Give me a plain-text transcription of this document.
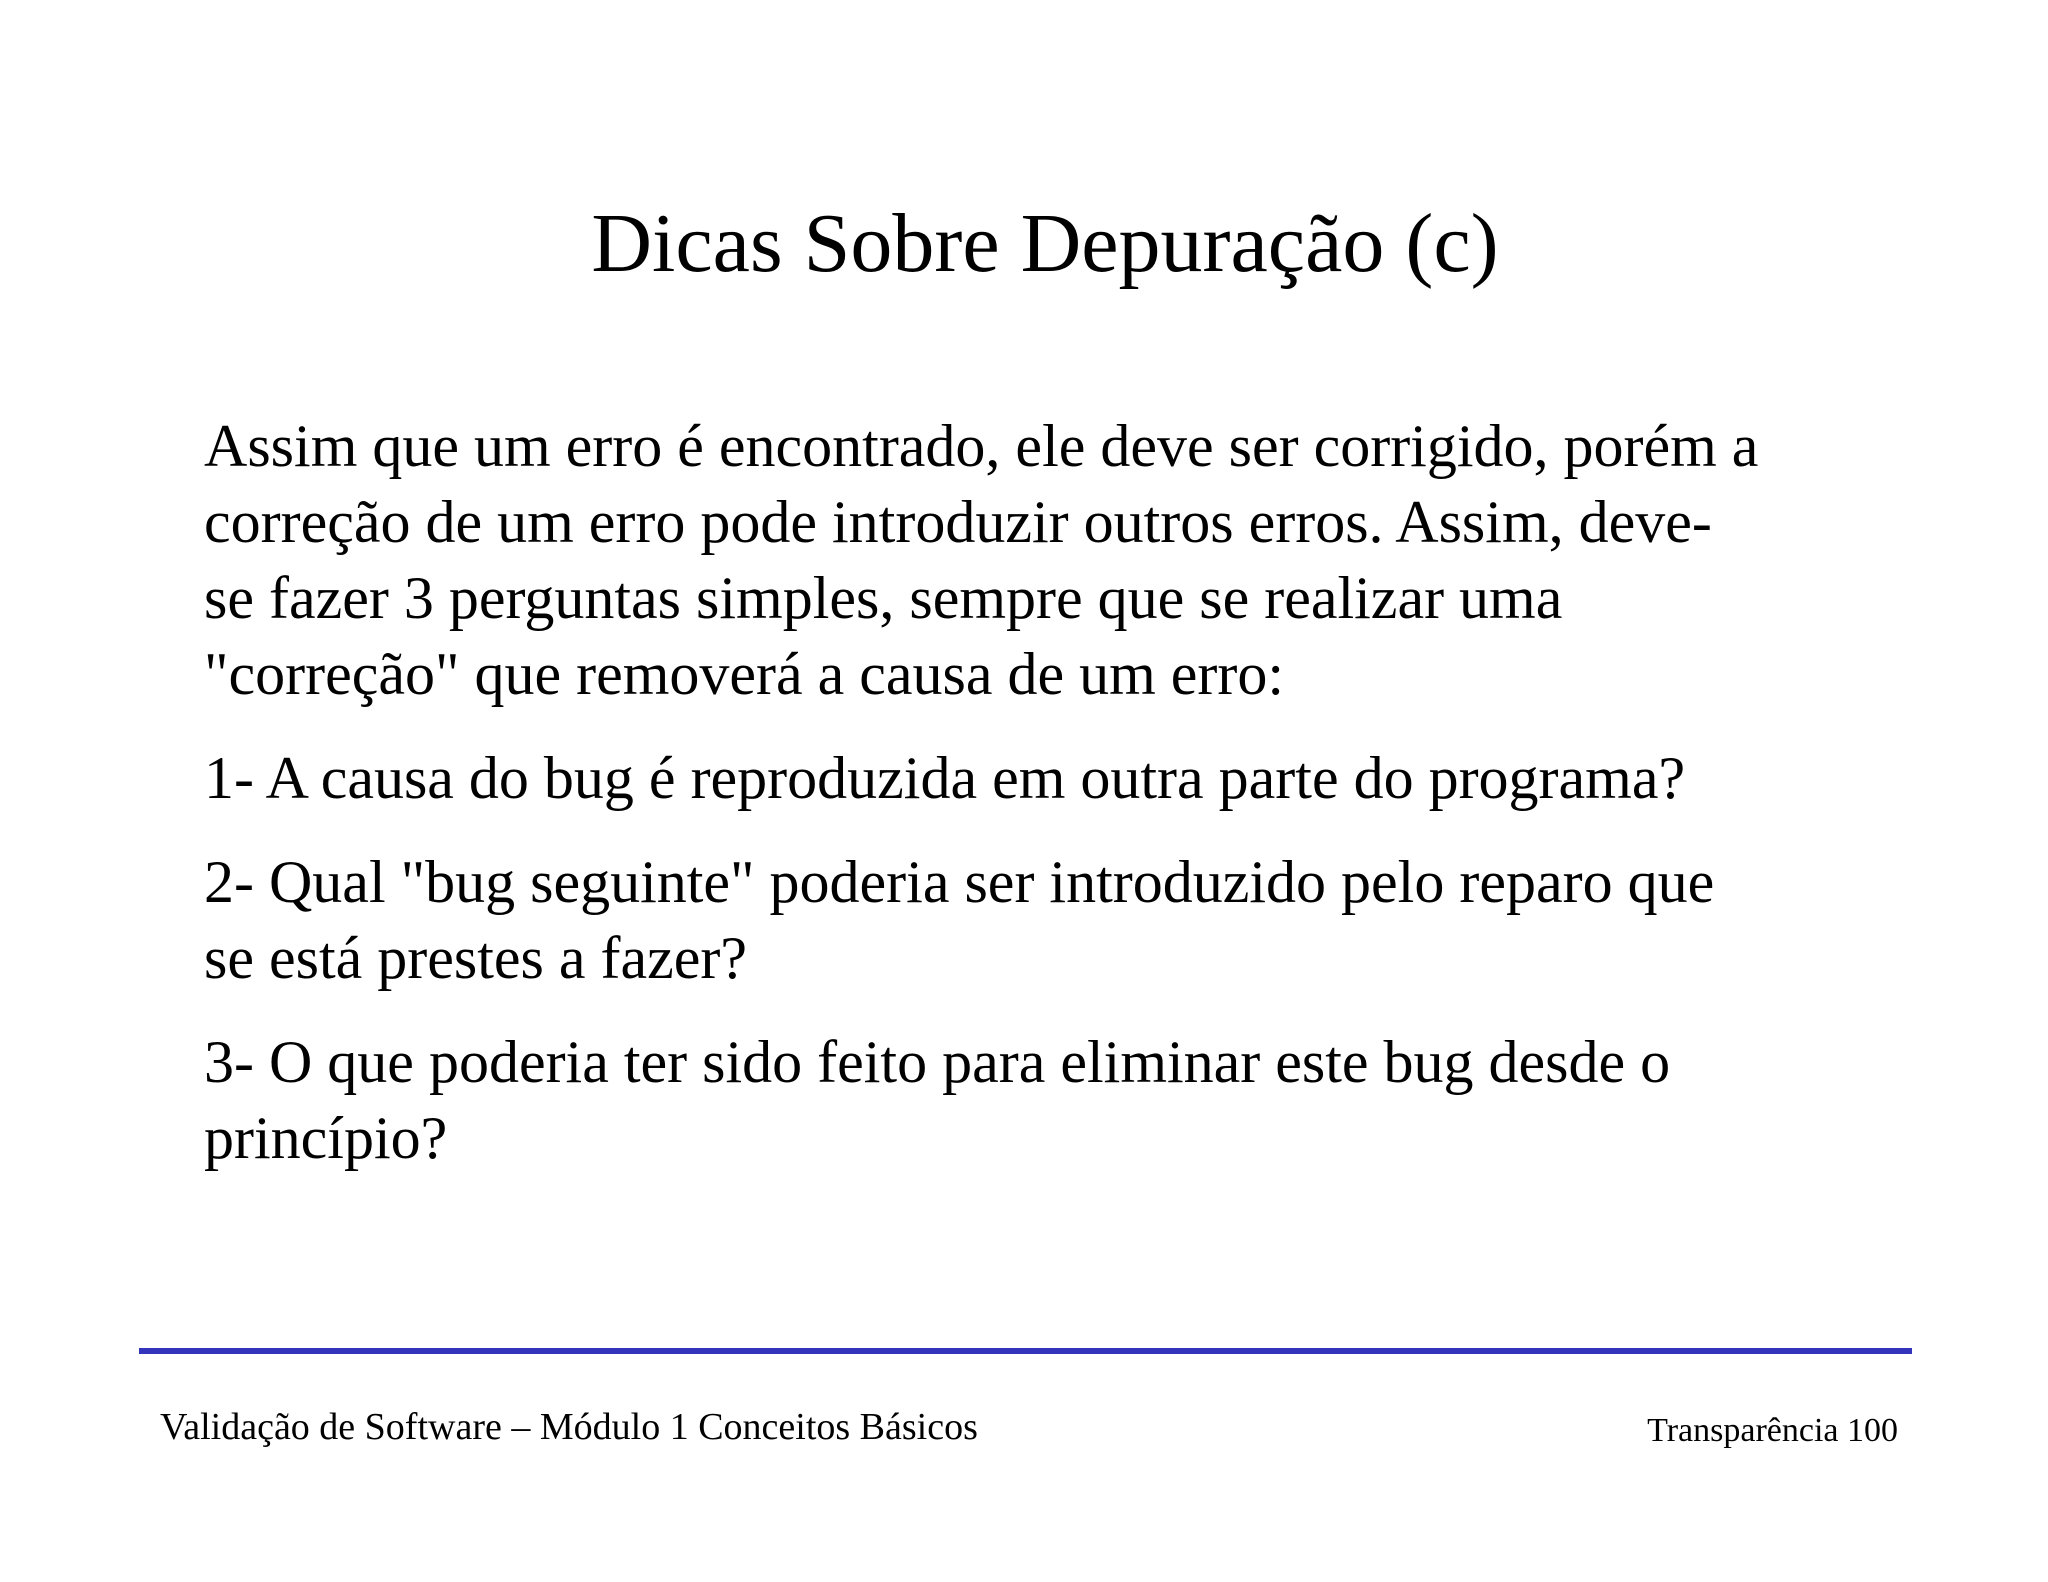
Dicas Sobre Depuração (c)

Assim que um erro é encontrado, ele deve ser corrigido, porém a
correção de um erro pode introduzir outros erros. Assim, deve-
se fazer 3 perguntas simples, sempre que se realizar uma
"correção" que removerá a causa de um erro:

1- A causa do bug é reproduzida em outra parte do programa?

2- Qual "bug seguinte" poderia ser introduzido pelo reparo que
se está prestes a fazer?

3- O que poderia ter sido feito para eliminar este bug desde o
princípio?

Validação de Software – Módulo 1 Conceitos Básicos	Transparência 100
